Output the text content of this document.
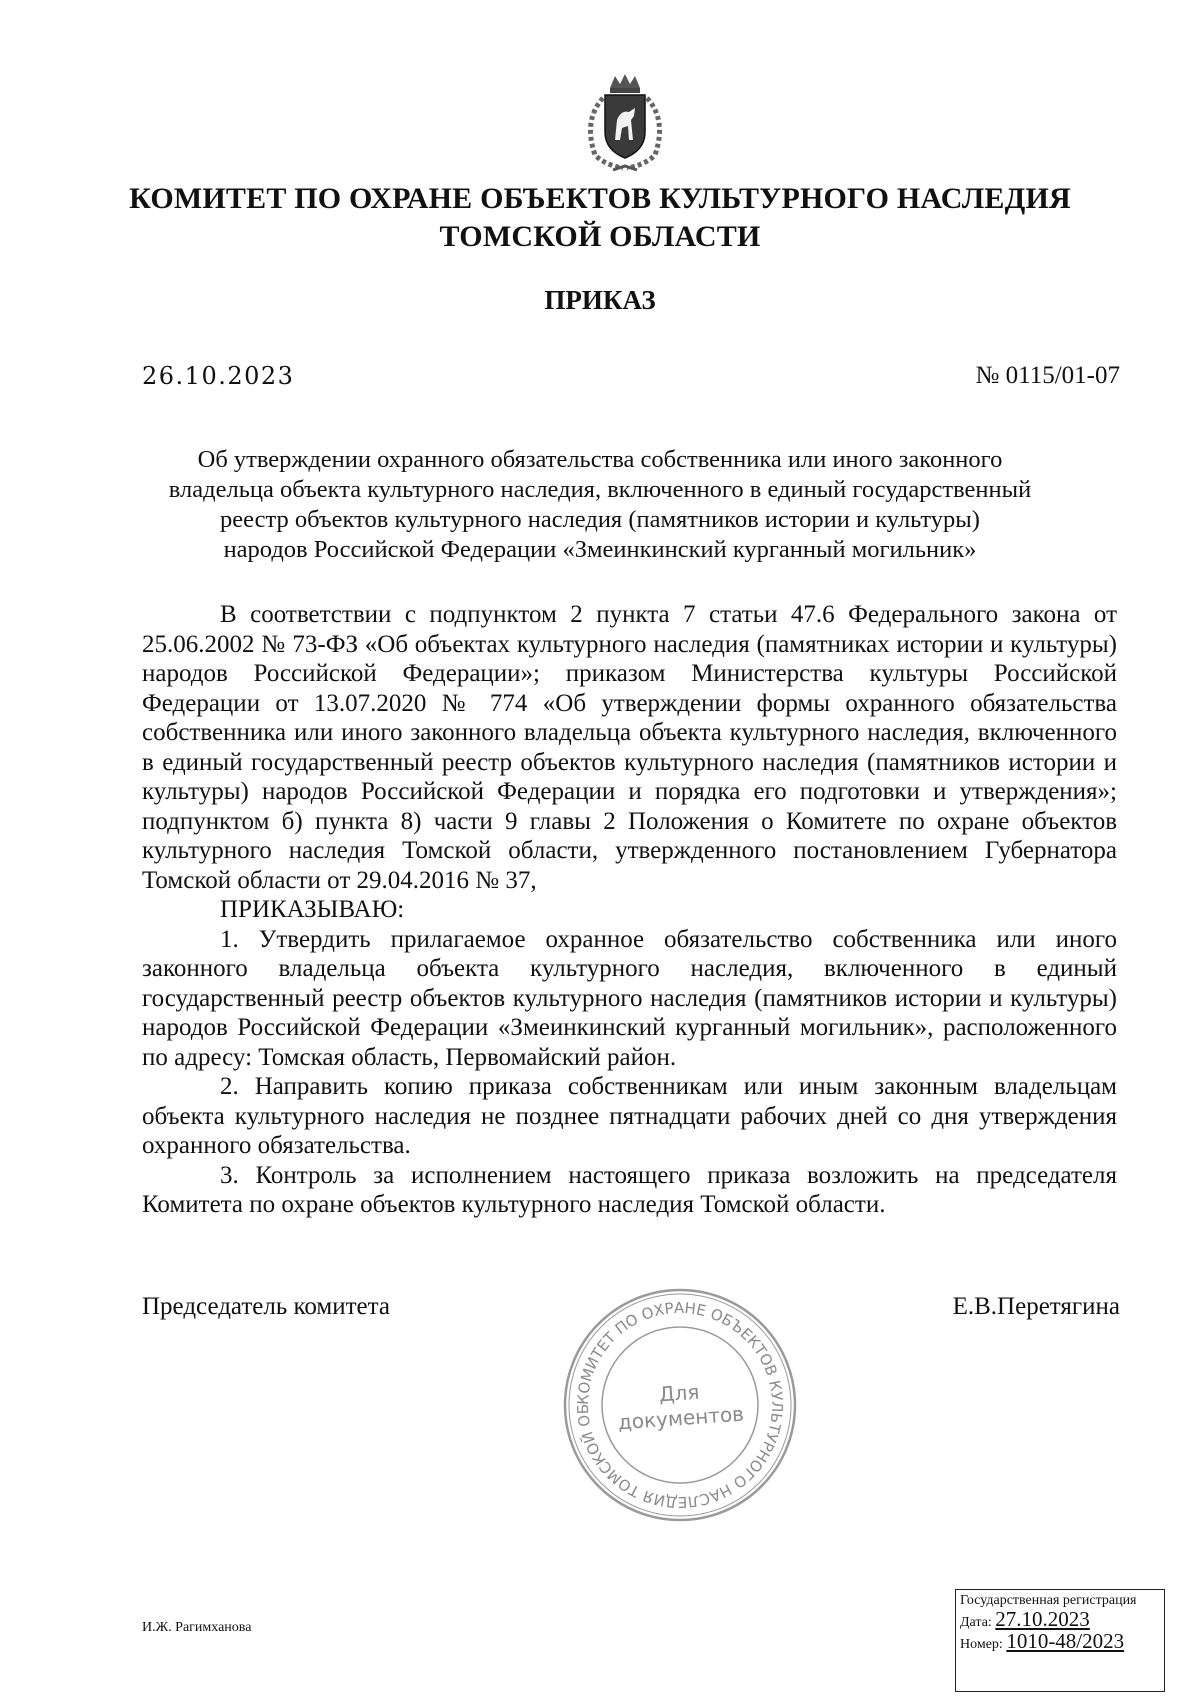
КОМИТЕТ ПО ОХРАНЕ ОБЪЕКТОВ КУЛЬТУРНОГО НАСЛЕДИЯ
ТОМСКОЙ ОБЛАСТИ
ПРИКАЗ
26.10.2023	№ 0115/01-07
Об утверждении охранного обязательства собственника или иного законного
владельца объекта культурного наследия, включенного в единый государственный
реестр объектов культурного наследия (памятников истории и культуры)
народов Российской Федерации «Змеинкинский курганный могильник»

В соответствии с подпунктом 2 пункта 7 статьи 47.6 Федерального закона от 25.06.2002 № 73-ФЗ «Об объектах культурного наследия (памятниках истории и культуры) народов Российской Федерации»; приказом Министерства культуры Российской Федерации от 13.07.2020 № 774 «Об утверждении формы охранного обязательства собственника или иного законного владельца объекта культурного наследия, включенного в единый государственный реестр объектов культурного наследия (памятников истории и культуры) народов Российской Федерации и порядка его подготовки и утверждения»; подпунктом б) пункта 8) части 9 главы 2 Положения о Комитете по охране объектов культурного наследия Томской области, утвержденного постановлением Губернатора Томской области от 29.04.2016 № 37,

ПРИКАЗЫВАЮ:

1. Утвердить прилагаемое охранное обязательство собственника или иного законного владельца объекта культурного наследия, включенного в единый государственный реестр объектов культурного наследия (памятников истории и культуры) народов Российской Федерации «Змеинкинский курганный могильник», расположенного по адресу: Томская область, Первомайский район.

2. Направить копию приказа собственникам или иным законным владельцам объекта культурного наследия не позднее пятнадцати рабочих дней со дня утверждения охранного обязательства.

3. Контроль за исполнением настоящего приказа возложить на председателя Комитета по охране объектов культурного наследия Томской области.

Председатель комитета	Е.В.Перетягина
КОМИТЕТ ПО ОХРАНЕ ОБЪЕКТОВ КУЛЬТУРНОГО НАСЛЕДИЯ ТОМСКОЙ ОБ
Для
документов
И.Ж. Рагимханова
Государственная регистрация
Дата: 27.10.2023
Номер: 1010-48/2023
